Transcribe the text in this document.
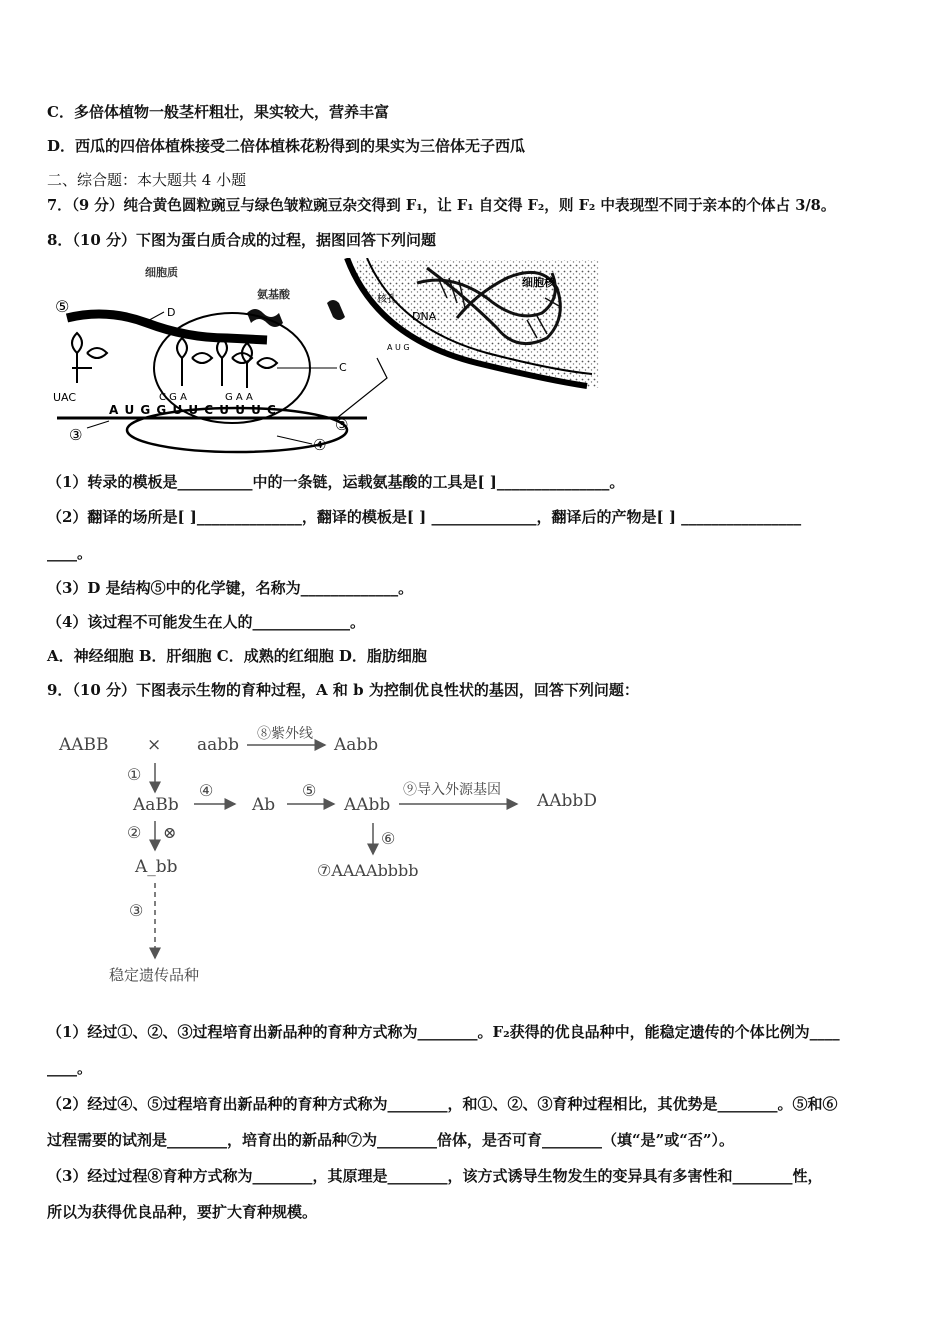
C．多倍体植物一般茎杆粗壮，果实较大，营养丰富
D．西瓜的四倍体植株接受二倍体植株花粉得到的果实为三倍体无子西瓜
二、综合题：本大题共 4 小题
7．（9 分）纯合黄色圆粒豌豆与绿色皱粒豌豆杂交得到 F₁，让 F₁ 自交得 F₂，则 F₂ 中表现型不同于亲本的个体占 3/8。
8．（10 分）下图为蛋白质合成的过程，据图回答下列问题
DNA
核孔
细胞核
A U G
细胞质
氨基酸
⑤	D
UAC	C G A	G A A
C
A U G G U U C U U U C
③
④
③
（1）转录的模板是__________中的一条链，运载氨基酸的工具是[ ]_______________。
（2）翻译的场所是[ ]______________，翻译的模板是[ ] ______________，翻译后的产物是[ ] ________________
____。
（3）D 是结构⑤中的化学键，名称为_____________。
（4）该过程不可能发生在人的_____________。
A．神经细胞 B．肝细胞 C．成熟的红细胞 D．脂肪细胞
9．（10 分）下图表示生物的育种过程，A 和 b 为控制优良性状的基因，回答下列问题：
AABB × aabb
⑧紫外线
Aabb
①
AaBb
④
Ab
⑤
AAbb
⑨导入外源基因
AAbbD
② ⊗	⑥
A_bb	⑦AAAAbbbb
③
稳定遗传品种
（1）经过①、②、③过程培育出新品种的育种方式称为________。F₂获得的优良品种中，能稳定遗传的个体比例为____
____。
（2）经过④、⑤过程培育出新品种的育种方式称为________，和①、②、③育种过程相比，其优势是________。⑤和⑥
过程需要的试剂是________，培育出的新品种⑦为________倍体，是否可育________（填“是”或“否”）。
（3）经过过程⑧育种方式称为________，其原理是________，该方式诱导生物发生的变异具有多害性和________性，
所以为获得优良品种，要扩大育种规模。
